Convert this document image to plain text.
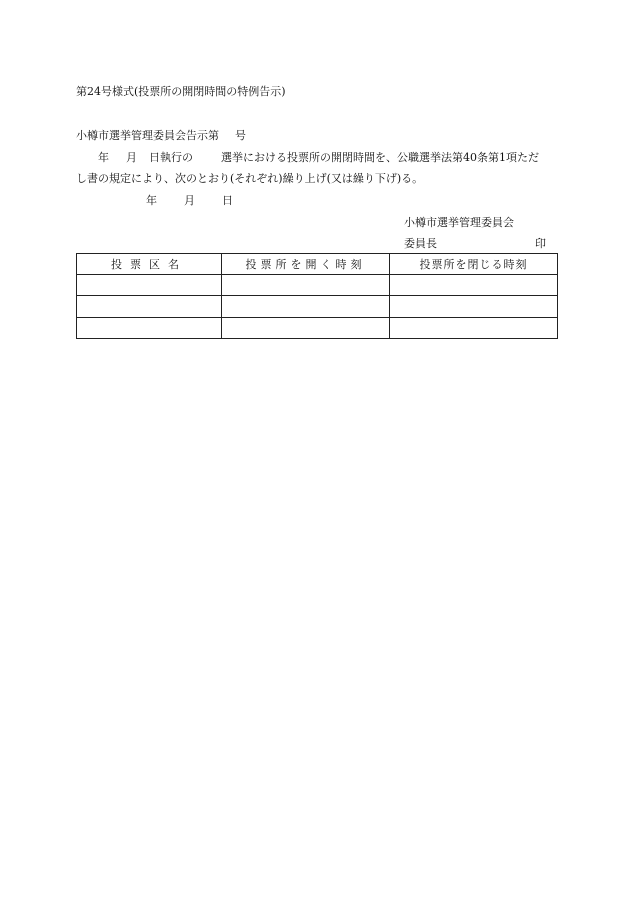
第24号様式(投票所の開閉時間の特例告示)
小樽市選挙管理委員会告示第 号
年 月 日執行の	選挙における投票所の開閉時間を、公職選挙法第40条第1項ただ
し書の規定により、次のとおり(それぞれ)繰り上げ(又は繰り下げ)る。
年 月 日
小樽市選挙管理委員会
委員長	印
投票区名	投票所を開く時刻	投票所を閉じる時刻
